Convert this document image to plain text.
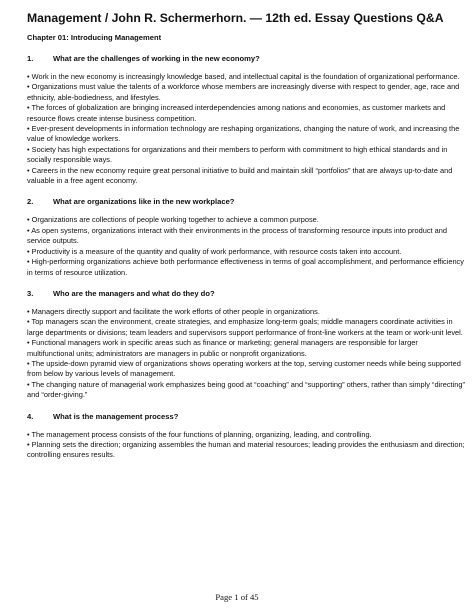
Management / John R. Schermerhorn. — 12th ed. Essay Questions Q&A
Chapter 01: Introducing Management
1.	What are the challenges of working in the new economy?
• Work in the new economy is increasingly knowledge based, and intellectual capital is the foundation of organizational performance.
• Organizations must value the talents of a workforce whose members are increasingly diverse with respect to gender, age, race and ethnicity, able-bodiedness, and lifestyles.
• The forces of globalization are bringing increased interdependencies among nations and economies, as customer markets and resource flows create intense business competition.
• Ever-present developments in information technology are reshaping organizations, changing the nature of work, and increasing the value of knowledge workers.
• Society has high expectations for organizations and their members to perform with commitment to high ethical standards and in socially responsible ways.
• Careers in the new economy require great personal initiative to build and maintain skill “portfolios” that are always up-to-date and valuable in a free agent economy.
2.	What are organizations like in the new workplace?
• Organizations are collections of people working together to achieve a common purpose.
• As open systems, organizations interact with their environments in the process of transforming resource inputs into product and service outputs.
• Productivity is a measure of the quantity and quality of work performance, with resource costs taken into account.
• High-performing organizations achieve both performance effectiveness in terms of goal accomplishment, and performance efficiency in terms of resource utilization.
3.	Who are the managers and what do they do?
• Managers directly support and facilitate the work efforts of other people in organizations.
• Top managers scan the environment, create strategies, and emphasize long-term goals; middle managers coordinate activities in large departments or divisions; team leaders and supervisors support performance of front-line workers at the team or work-unit level.
• Functional managers work in specific areas such as finance or marketing; general managers are responsible for larger multifunctional units; administrators are managers in public or nonprofit organizations.
• The upside-down pyramid view of organizations shows operating workers at the top, serving customer needs while being supported from below by various levels of management.
• The changing nature of managerial work emphasizes being good at “coaching” and “supporting” others, rather than simply “directing” and “order-giving.”
4.	What is the management process?
• The management process consists of the four functions of planning, organizing, leading, and controlling.
• Planning sets the direction; organizing assembles the human and material resources; leading provides the enthusiasm and direction; controlling ensures results.
Page 1 of 45
